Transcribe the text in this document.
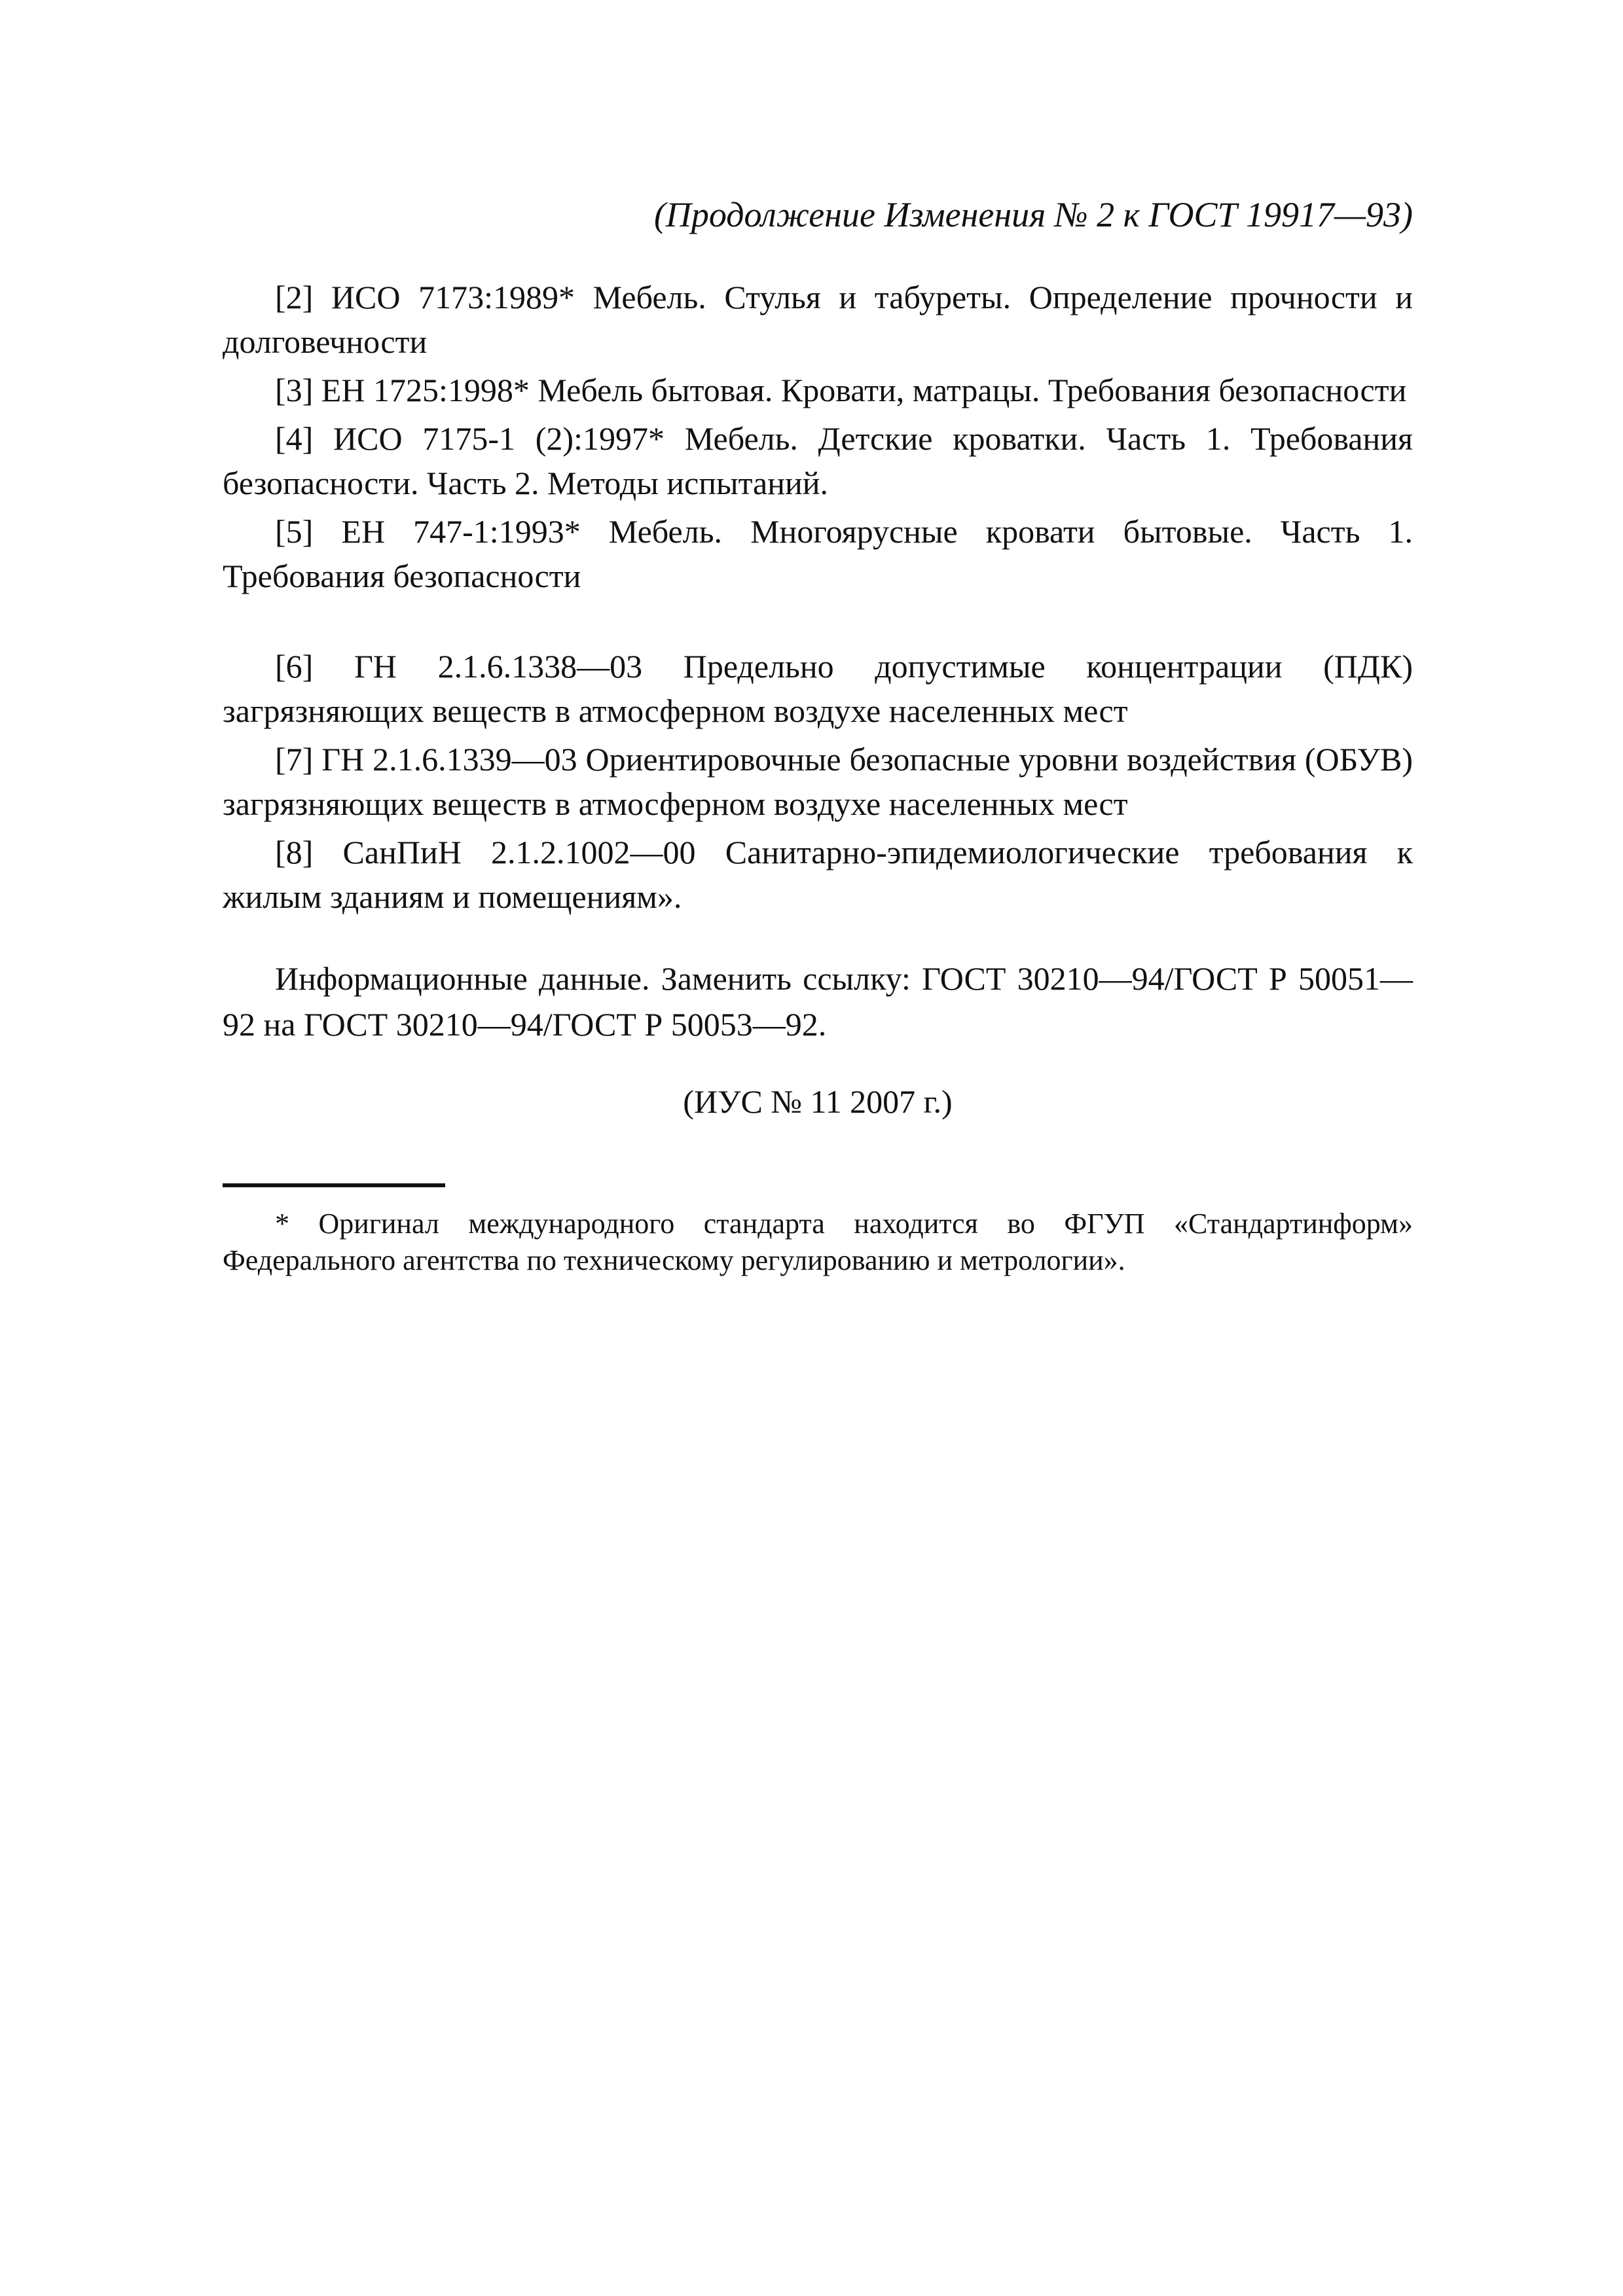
(Продолжение Изменения № 2 к ГОСТ 19917—93)

[2] ИСО 7173:1989* Мебель. Стулья и табуреты. Определение прочности и долговечности

[3] ЕН 1725:1998* Мебель бытовая. Кровати, матрацы. Требования безопасности

[4] ИСО 7175-1 (2):1997* Мебель. Детские кроватки. Часть 1. Требования безопасности. Часть 2. Методы испытаний.

[5] ЕН 747-1:1993* Мебель. Многоярусные кровати бытовые. Часть 1. Требования безопасности

[6] ГН 2.1.6.1338—03 Предельно допустимые концентрации (ПДК) загрязняющих веществ в атмосферном воздухе населенных мест

[7] ГН 2.1.6.1339—03 Ориентировочные безопасные уровни воздействия (ОБУВ) загрязняющих веществ в атмосферном воздухе населенных мест

[8] СанПиН 2.1.2.1002—00 Санитарно-эпидемиологические требования к жилым зданиям и помещениям».

Информационные данные. Заменить ссылку: ГОСТ 30210—94/ГОСТ Р 50051—92 на ГОСТ 30210—94/ГОСТ Р 50053—92.

(ИУС № 11 2007 г.)

* Оригинал международного стандарта находится во ФГУП «Стандартинформ» Федерального агентства по техническому регулированию и метрологии».
